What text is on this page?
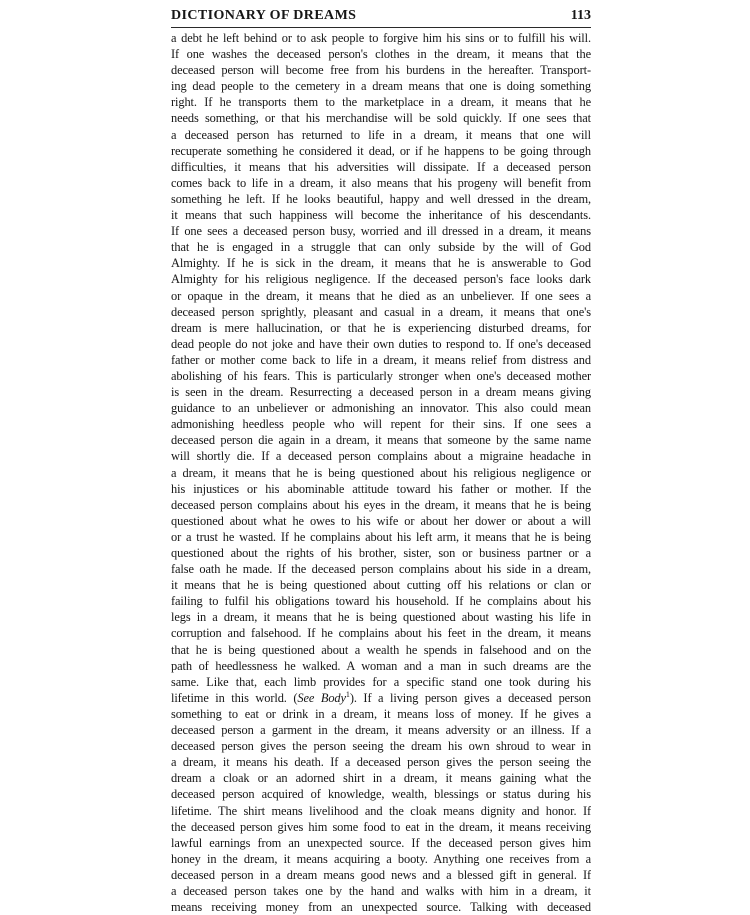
DICTIONARY OF DREAMS	113
a debt he left behind or to ask people to forgive him his sins or to fulfill his will.
If one washes the deceased person's clothes in the dream, it means that the
deceased person will become free from his burdens in the hereafter. Transport-
ing dead people to the cemetery in a dream means that one is doing something
right. If he transports them to the marketplace in a dream, it means that he
needs something, or that his merchandise will be sold quickly. If one sees that
a deceased person has returned to life in a dream, it means that one will
recuperate something he considered it dead, or if he happens to be going through
difficulties, it means that his adversities will dissipate. If a deceased person
comes back to life in a dream, it also means that his progeny will benefit from
something he left. If he looks beautiful, happy and well dressed in the dream,
it means that such happiness will become the inheritance of his descendants.
If one sees a deceased person busy, worried and ill dressed in a dream, it means
that he is engaged in a struggle that can only subside by the will of God
Almighty. If he is sick in the dream, it means that he is answerable to God
Almighty for his religious negligence. If the deceased person's face looks dark
or opaque in the dream, it means that he died as an unbeliever. If one sees a
deceased person sprightly, pleasant and casual in a dream, it means that one's
dream is mere hallucination, or that he is experiencing disturbed dreams, for
dead people do not joke and have their own duties to respond to. If one's deceased
father or mother come back to life in a dream, it means relief from distress and
abolishing of his fears. This is particularly stronger when one's deceased mother
is seen in the dream. Resurrecting a deceased person in a dream means giving
guidance to an unbeliever or admonishing an innovator. This also could mean
admonishing heedless people who will repent for their sins. If one sees a
deceased person die again in a dream, it means that someone by the same name
will shortly die. If a deceased person complains about a migraine headache in
a dream, it means that he is being questioned about his religious negligence or
his injustices or his abominable attitude toward his father or mother. If the
deceased person complains about his eyes in the dream, it means that he is being
questioned about what he owes to his wife or about her dower or about a will
or a trust he wasted. If he complains about his left arm, it means that he is being
questioned about the rights of his brother, sister, son or business partner or a
false oath he made. If the deceased person complains about his side in a dream,
it means that he is being questioned about cutting off his relations or clan or
failing to fulfil his obligations toward his household. If he complains about his
legs in a dream, it means that he is being questioned about wasting his life in
corruption and falsehood. If he complains about his feet in the dream, it means
that he is being questioned about a wealth he spends in falsehood and on the
path of heedlessness he walked. A woman and a man in such dreams are the
same. Like that, each limb provides for a specific stand one took during his
lifetime in this world. (See Body$^1$). If a living person gives a deceased person
something to eat or drink in a dream, it means loss of money. If he gives a
deceased person a garment in the dream, it means adversity or an illness. If a
deceased person gives the person seeing the dream his own shroud to wear in
a dream, it means his death. If a deceased person gives the person seeing the
dream a cloak or an adorned shirt in a dream, it means gaining what the
deceased person acquired of knowledge, wealth, blessings or status during his
lifetime. The shirt means livelihood and the cloak means dignity and honor. If
the deceased person gives him some food to eat in the dream, it means receiving
lawful earnings from an unexpected source. If the deceased person gives him
honey in the dream, it means acquiring a booty. Anything one receives from a
deceased person in a dream means good news and a blessed gift in general. If
a deceased person takes one by the hand and walks with him in a dream, it
means receiving money from an unexpected source. Talking with deceased
